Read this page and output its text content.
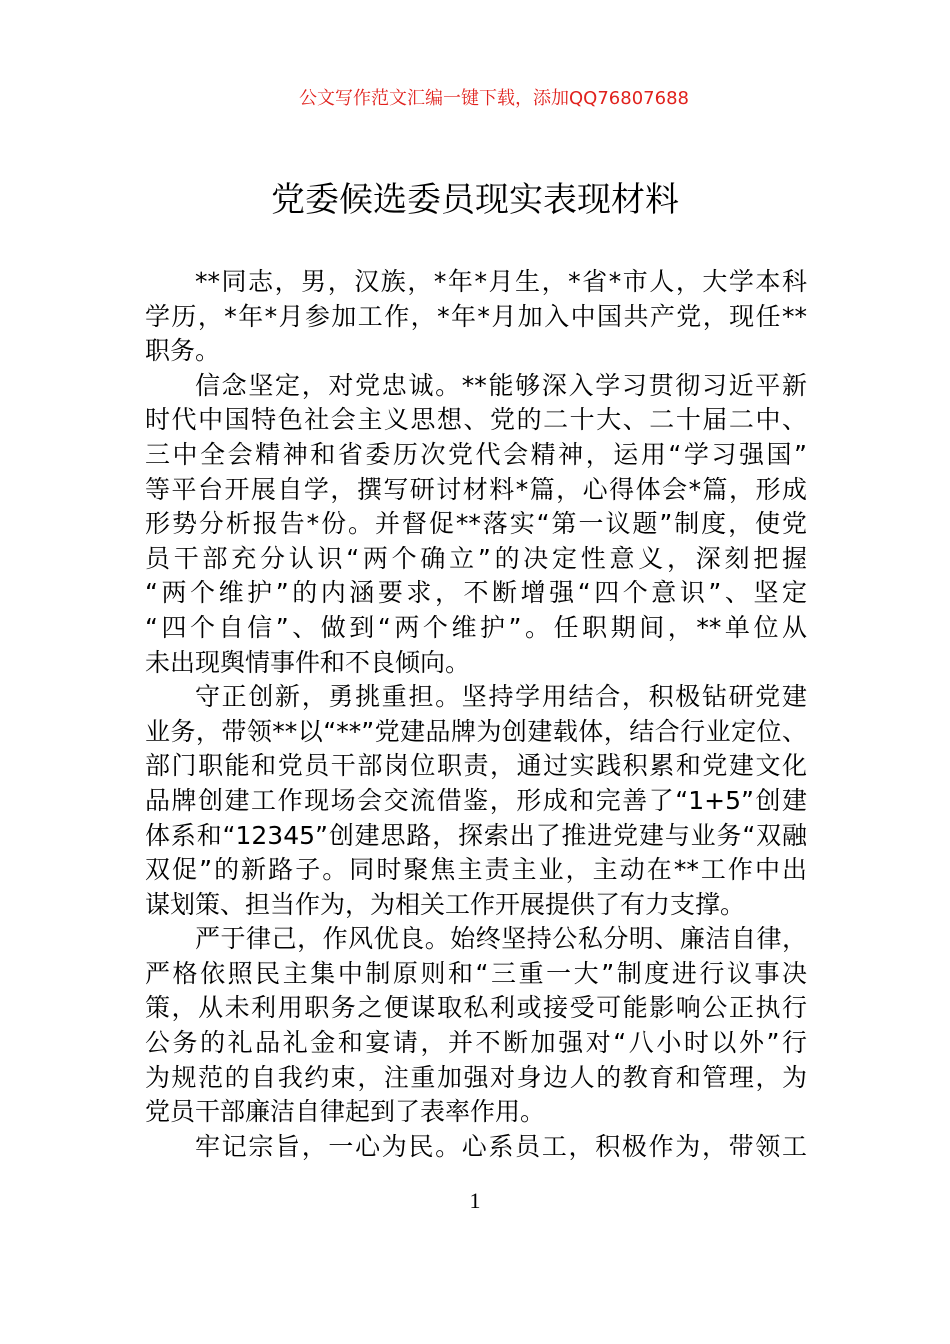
公文写作范文汇编一键下载，添加QQ76807688
党委候选委员现实表现材料
**同志，男，汉族，*年*月生，*省*市人，大学本科
学历，*年*月参加工作，*年*月加入中国共产党，现任**
职务。
信念坚定，对党忠诚。**能够深入学习贯彻习近平新
时代中国特色社会主义思想、党的二十大、二十届二中、
三中全会精神和省委历次党代会精神，运用“学习强国”
等平台开展自学，撰写研讨材料*篇，心得体会*篇，形成
形势分析报告*份。并督促**落实“第一议题”制度，使党
员干部充分认识“两个确立”的决定性意义，深刻把握
“两个维护”的内涵要求，不断增强“四个意识”、坚定
“四个自信”、做到“两个维护”。任职期间，**单位从
未出现舆情事件和不良倾向。
守正创新，勇挑重担。坚持学用结合，积极钻研党建
业务，带领**以“**”党建品牌为创建载体，结合行业定位、
部门职能和党员干部岗位职责，通过实践积累和党建文化
品牌创建工作现场会交流借鉴，形成和完善了“1+5”创建
体系和“12345”创建思路，探索出了推进党建与业务“双融
双促”的新路子。同时聚焦主责主业，主动在**工作中出
谋划策、担当作为，为相关工作开展提供了有力支撑。
严于律己，作风优良。始终坚持公私分明、廉洁自律，
严格依照民主集中制原则和“三重一大”制度进行议事决
策，从未利用职务之便谋取私利或接受可能影响公正执行
公务的礼品礼金和宴请，并不断加强对“八小时以外”行
为规范的自我约束，注重加强对身边人的教育和管理，为
党员干部廉洁自律起到了表率作用。
牢记宗旨，一心为民。心系员工，积极作为，带领工
1
